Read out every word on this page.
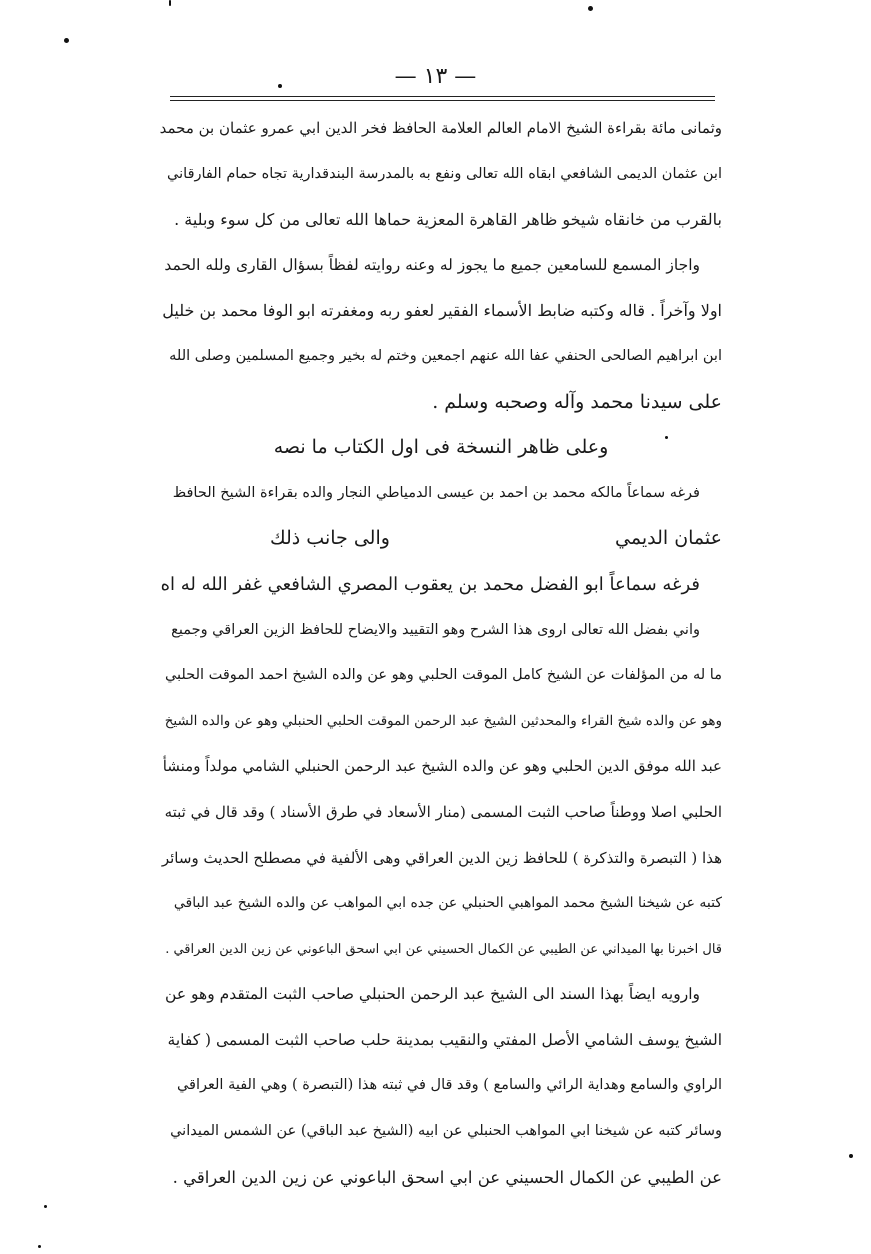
— ١٣ —
وثمانى مائة بقراءة الشيخ الامام العالم العلامة الحافظ فخر الدين ابي عمرو عثمان بن محمد
ابن عثمان الديمى الشافعي ابقاه الله تعالى ونفع به بالمدرسة البندقدارية تجاه حمام الفارقاني
بالقرب من خانقاه شيخو ظاهر القاهرة المعزية حماها الله تعالى من كل سوء وبلية .
واجاز المسمع للسامعين جميع ما يجوز له وعنه روايته لفظاً بسؤال القارى ولله الحمد
اولا وآخراً . قاله وكتبه ضابط الأسماء الفقير لعفو ربه ومغفرته ابو الوفا محمد بن خليل
ابن ابراهيم الصالحى الحنفي عفا الله عنهم اجمعين وختم له بخير وجميع المسلمين وصلى الله
على سيدنا محمد وآله وصحبه وسلم .
وعلى ظاهر النسخة فى اول الكتاب ما نصه
فرغه سماعاً مالكه محمد بن احمد بن عيسى الدمياطي النجار والده بقراءة الشيخ الحافظ
عثمان الديمي
والى جانب ذلك
فرغه سماعاً ابو الفضل محمد بن يعقوب المصري الشافعي غفر الله له اه
واني بفضل الله تعالى اروى هذا الشرح وهو التقييد والايضاح للحافظ الزين العراقي وجميع
ما له من المؤلفات عن الشيخ كامل الموقت الحلبي وهو عن والده الشيخ احمد الموقت الحلبي
وهو عن والده شيخ القراء والمحدثين الشيخ عبد الرحمن الموقت الحلبي الحنبلي وهو عن والده الشيخ
عبد الله موفق الدين الحلبي وهو عن والده الشيخ عبد الرحمن الحنبلي الشامي مولداً ومنشأ
الحلبي اصلا ووطناً صاحب الثبت المسمى (منار الأسعاد في طرق الأسناد ) وقد قال في ثبته
هذا ( التبصرة والتذكرة ) للحافظ زين الدين العراقي وهى الألفية في مصطلح الحديث وسائر
كتبه عن شيخنا الشيخ محمد المواهبي الحنبلي عن جده ابي المواهب عن والده الشيخ عبد الباقي
قال اخبرنا بها الميداني عن الطيبي عن الكمال الحسيني عن ابي اسحق الباعوني عن زين الدين العراقي .
وارويه ايضاً بهذا السند الى الشيخ عبد الرحمن الحنبلي صاحب الثبت المتقدم وهو عن
الشيخ يوسف الشامي الأصل المفتي والنقيب بمدينة حلب صاحب الثبت المسمى ( كفاية
الراوي والسامع وهداية الرائي والسامع ) وقد قال في ثبته هذا (التبصرة ) وهي الفية العراقي
وسائر كتبه عن شيخنا ابي المواهب الحنبلي عن ابيه (الشيخ عبد الباقي) عن الشمس الميداني
عن الطيبي عن الكمال الحسيني عن ابي اسحق الباعوني عن زين الدين العراقي .
